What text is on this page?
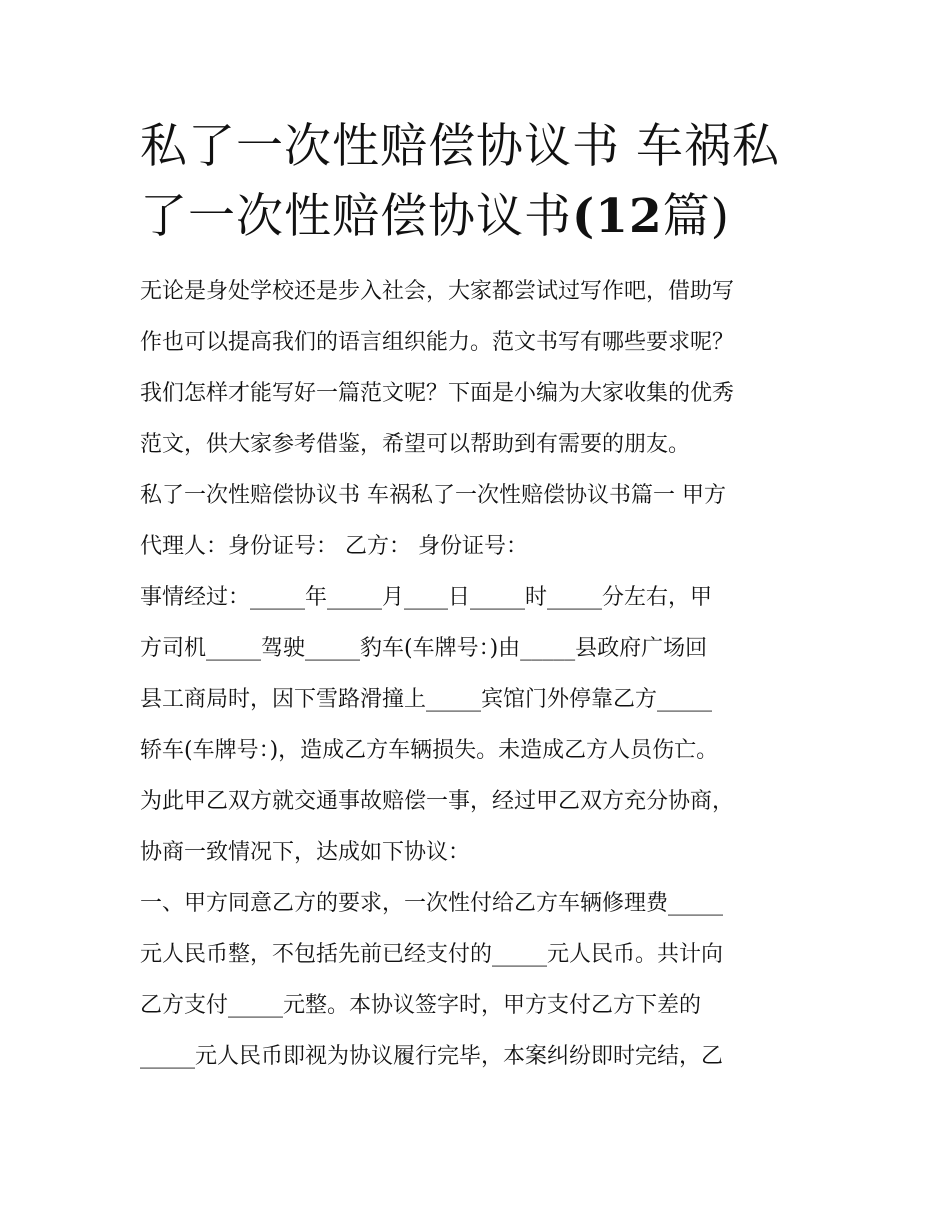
私了一次性赔偿协议书 车祸私
了一次性赔偿协议书(12篇)
无论是身处学校还是步入社会，大家都尝试过写作吧，借助写
作也可以提高我们的语言组织能力。范文书写有哪些要求呢？
我们怎样才能写好一篇范文呢？下面是小编为大家收集的优秀
范文，供大家参考借鉴，希望可以帮助到有需要的朋友。
私了一次性赔偿协议书 车祸私了一次性赔偿协议书篇一 甲方
代理人：身份证号： 乙方： 身份证号：
事情经过：_____年_____月____日_____时_____分左右，甲
方司机_____驾驶_____豹车(车牌号：)由_____县政府广场回
县工商局时，因下雪路滑撞上_____宾馆门外停靠乙方_____
轿车(车牌号：)，造成乙方车辆损失。未造成乙方人员伤亡。
为此甲乙双方就交通事故赔偿一事，经过甲乙双方充分协商，
协商一致情况下，达成如下协议：
一、甲方同意乙方的要求，一次性付给乙方车辆修理费_____
元人民币整，不包括先前已经支付的_____元人民币。共计向
乙方支付_____元整。本协议签字时，甲方支付乙方下差的
_____元人民币即视为协议履行完毕，本案纠纷即时完结，乙
